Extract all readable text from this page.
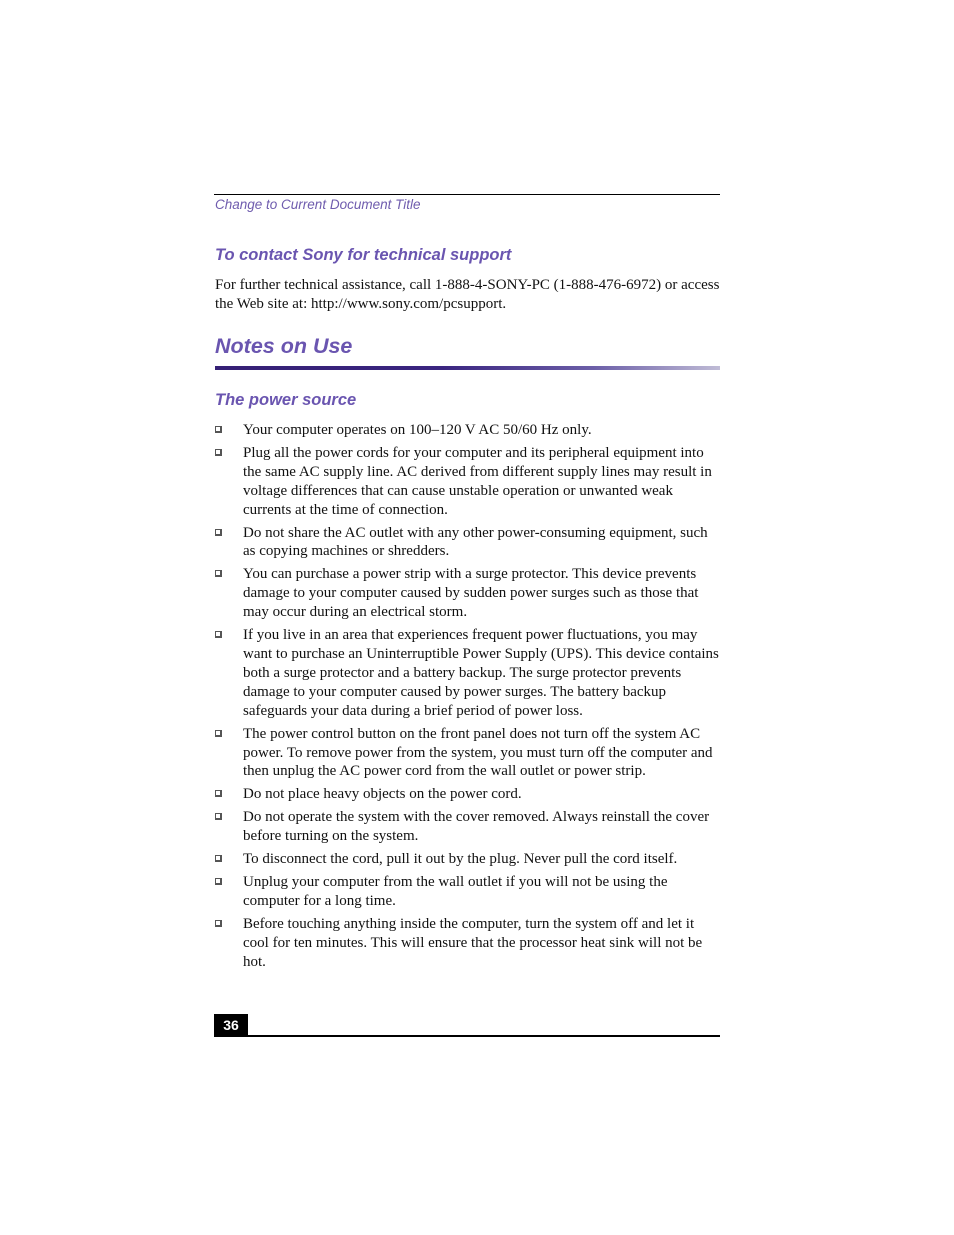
Change to Current Document Title
To contact Sony for technical support
For further technical assistance, call 1-888-4-SONY-PC (1-888-476-6972) or access the Web site at: http://www.sony.com/pcsupport.
Notes on Use
The power source
Your computer operates on 100–120 V AC 50/60 Hz only.
Plug all the power cords for your computer and its peripheral equipment into the same AC supply line. AC derived from different supply lines may result in voltage differences that can cause unstable operation or unwanted weak currents at the time of connection.
Do not share the AC outlet with any other power-consuming equipment, such as copying machines or shredders.
You can purchase a power strip with a surge protector. This device prevents damage to your computer caused by sudden power surges such as those that may occur during an electrical storm.
If you live in an area that experiences frequent power fluctuations, you may want to purchase an Uninterruptible Power Supply (UPS). This device contains both a surge protector and a battery backup. The surge protector prevents damage to your computer caused by power surges. The battery backup safeguards your data during a brief period of power loss.
The power control button on the front panel does not turn off the system AC power. To remove power from the system, you must turn off the computer and then unplug the AC power cord from the wall outlet or power strip.
Do not place heavy objects on the power cord.
Do not operate the system with the cover removed. Always reinstall the cover before turning on the system.
To disconnect the cord, pull it out by the plug. Never pull the cord itself.
Unplug your computer from the wall outlet if you will not be using the computer for a long time.
Before touching anything inside the computer, turn the system off and let it cool for ten minutes. This will ensure that the processor heat sink will not be hot.
36
